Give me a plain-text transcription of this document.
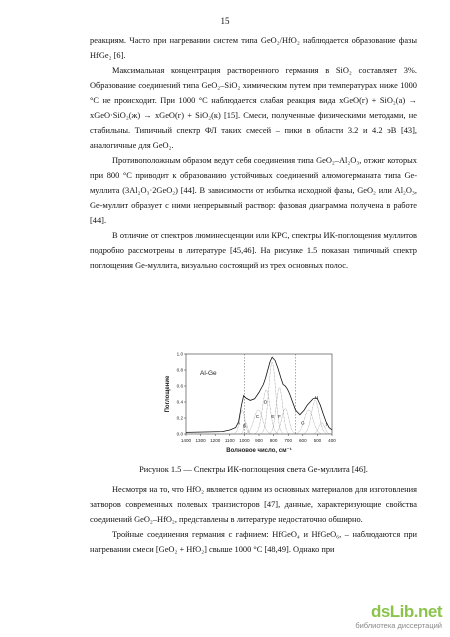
15

реакциям. Часто при нагревании систем типа GeO₂/HfO₂ наблюдается образование фазы HfGe₂ [6].

Максимальная концентрация растворенного германия в SiO₂ составляет 3%. Образование соединений типа GeO₂–SiO₂ химическим путем при температурах ниже 1000 °C не происходит. При 1000 °C наблюдается слабая реакция вида xGeO(г) + SiO₂(а) → xGeO·SiO₂(ж) → xGeO(г) + SiO₂(к) [15]. Смеси, полученные физическими методами, не стабильны. Типичный спектр ФЛ таких смесей – пики в области 3.2 и 4.2 эВ [43], аналогичные для GeO₂.

Противоположным образом ведут себя соединения типа GeO₂–Al₂O₃, отжиг которых при 800 °C приводит к образованию устойчивых соединений алюмогерманата типа Ge-муллита (3Al₂O₃·2GeO₂) [44]. В зависимости от избытка исходной фазы, GeO₂ или Al₂O₃, Ge-муллит образует с ними непрерывный раствор: фазовая диаграмма получена в работе [44].

В отличие от спектров люминесценции или КРС, спектры ИК-поглощения муллитов подробно рассмотрены в литературе [45,46]. На рисунке 1.5 показан типичный спектр поглощения Ge-муллита, визуально состоящий из трех основных полос.

1400 1300 1200 1100 1000 900 800 700 600 500 400
0.0
0.2
0.4
0.6
0.8
1.0
Волновое число, см⁻¹
Поглощение
Al-Ge
A
B
C
D
E F
G
H
I
Рисунок 1.5 — Спектры ИК-поглощения света Ge-муллита [46].

Несмотря на то, что HfO₂ является одним из основных материалов для изготовления затворов современных полевых транзисторов [47], данные, характеризующие свойства соединений GeO₂–HfO₂, представлены в литературе недостаточно обширно.

Тройные соединения германия с гафнием: HfGeO₄ и HfGeO₆, – наблюдаются при нагревании смеси [GeO₂ + HfO₂] свыше 1000 °C [48,49]. Однако при

dsLib.net
библиотека диссертаций
